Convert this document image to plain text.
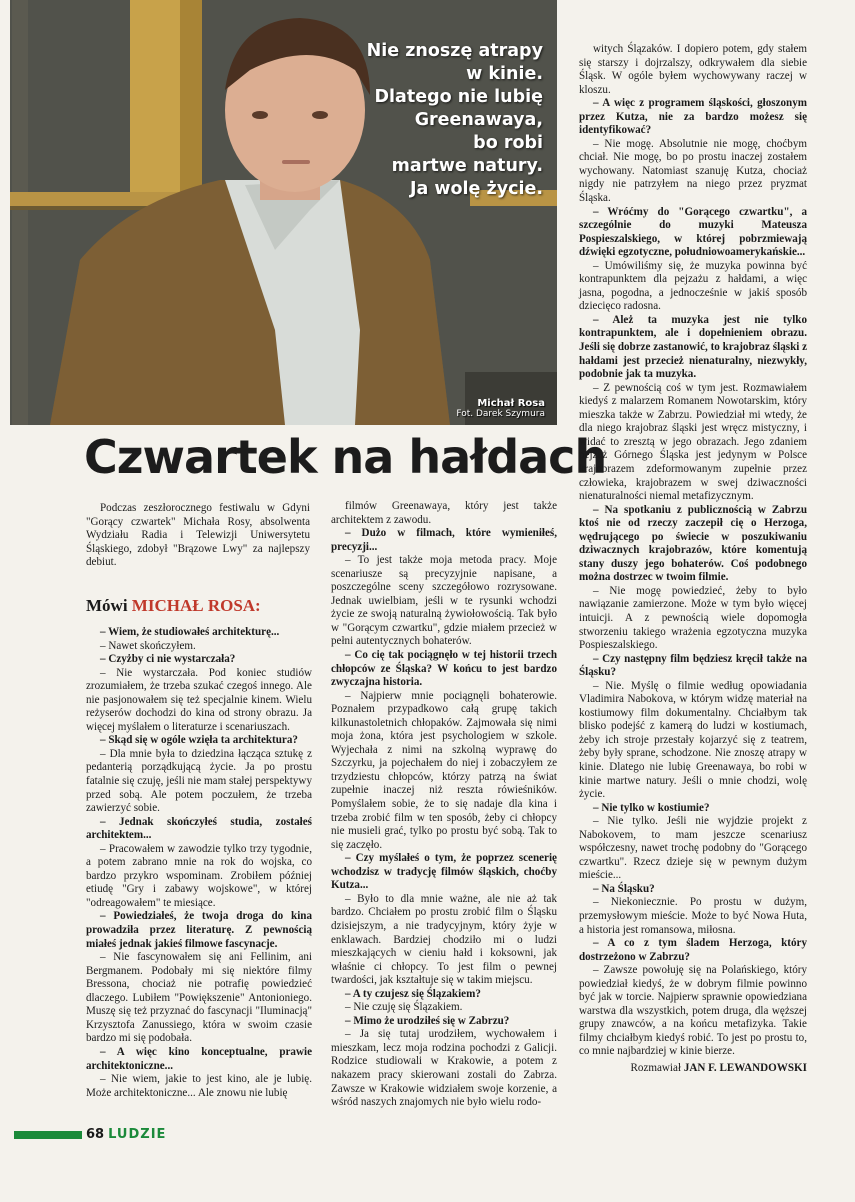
Nie znoszę atrapy
w kinie.
Dlatego nie lubię
Greenawaya,
bo robi
martwe natury.
Ja wolę życie.
Michał Rosa
Fot. Darek Szymura
Czwartek na hałdach

Podczas zeszłorocznego festiwalu w Gdyni "Gorący czwartek" Michała Rosy, absolwenta Wydziału Radia i Telewizji Uniwersytetu Śląskiego, zdobył "Brązowe Lwy" za najlepszy debiut.

Mówi MICHAŁ ROSA:

– Wiem, że studiowałeś architekturę...

– Nawet skończyłem.

– Czyżby ci nie wystarczała?

– Nie wystarczała. Pod koniec studiów zrozumiałem, że trzeba szukać czegoś innego. Ale nie pasjonowałem się też specjalnie kinem. Wielu reżyserów dochodzi do kina od strony obrazu. Ja więcej myślałem o literaturze i scenariuszach.

– Skąd się w ogóle wzięła ta architektura?

– Dla mnie była to dziedzina łącząca sztukę z pedanterią porządkującą życie. Ja po prostu fatalnie się czuję, jeśli nie mam stałej perspektywy przed sobą. Ale potem poczułem, że trzeba zawierzyć sobie.

– Jednak skończyłeś studia, zostałeś architektem...

– Pracowałem w zawodzie tylko trzy tygodnie, a potem zabrano mnie na rok do wojska, co bardzo przykro wspominam. Zrobiłem później etiudę "Gry i zabawy wojskowe", w której "odreagowałem" te miesiące.

– Powiedziałeś, że twoja droga do kina prowadziła przez literaturę. Z pewnością miałeś jednak jakieś filmowe fascynacje.

– Nie fascynowałem się ani Fellinim, ani Bergmanem. Podobały mi się niektóre filmy Bressona, chociaż nie potrafię powiedzieć dlaczego. Lubiłem "Powiększenie" Antonioniego. Muszę się też przyznać do fascynacji "Iluminacją" Krzysztofa Zanussiego, która w swoim czasie bardzo mi się podobała.

– A więc kino konceptualne, prawie architektoniczne...

– Nie wiem, jakie to jest kino, ale je lubię. Może architektoniczne... Ale znowu nie lubię

filmów Greenawaya, który jest także architektem z zawodu.

– Dużo w filmach, które wymieniłeś, precyzji...

– To jest także moja metoda pracy. Moje scenariusze są precyzyjnie napisane, a poszczególne sceny szczegółowo rozrysowane. Jednak uwielbiam, jeśli w te rysunki wchodzi życie ze swoją naturalną żywiołowością. Tak było w "Gorącym czwartku", gdzie miałem przecież w pełni autentycznych bohaterów.

– Co cię tak pociągnęło w tej historii trzech chłopców ze Śląska? W końcu to jest bardzo zwyczajna historia.

– Najpierw mnie pociągnęli bohaterowie. Poznałem przypadkowo całą grupę takich kilkunastoletnich chłopaków. Zajmowała się nimi moja żona, która jest psychologiem w szkole. Wyjechała z nimi na szkolną wyprawę do Szczyrku, ja pojechałem do niej i zobaczyłem ze trzydziestu chłopców, którzy patrzą na świat zupełnie inaczej niż reszta rówieśników. Pomyślałem sobie, że to się nadaje dla kina i trzeba zrobić film w ten sposób, żeby ci chłopcy nie musieli grać, tylko po prostu być sobą. Tak to się zaczęło.

– Czy myślałeś o tym, że poprzez scenerię wchodzisz w tradycję filmów śląskich, choćby Kutza...

– Było to dla mnie ważne, ale nie aż tak bardzo. Chciałem po prostu zrobić film o Śląsku dzisiejszym, a nie tradycyjnym, który żyje w enklawach. Bardziej chodziło mi o ludzi mieszkających w cieniu hałd i koksowni, jak właśnie ci chłopcy. To jest film o pewnej twardości, jak kształtuje się w takim miejscu.

– A ty czujesz się Ślązakiem?

– Nie czuję się Ślązakiem.

– Mimo że urodziłeś się w Zabrzu?

– Ja się tutaj urodziłem, wychowałem i mieszkam, lecz moja rodzina pochodzi z Galicji. Rodzice studiowali w Krakowie, a potem z nakazem pracy skierowani zostali do Zabrza. Zawsze w Krakowie widziałem swoje korzenie, a wśród naszych znajomych nie było wielu rodo-

witych Ślązaków. I dopiero potem, gdy stałem się starszy i dojrzalszy, odkrywałem dla siebie Śląsk. W ogóle byłem wychowywany raczej w kloszu.

– A więc z programem śląskości, głoszonym przez Kutza, nie za bardzo możesz się identyfikować?

– Nie mogę. Absolutnie nie mogę, choćbym chciał. Nie mogę, bo po prostu inaczej zostałem wychowany. Natomiast szanuję Kutza, chociaż nigdy nie patrzyłem na niego przez pryzmat Śląska.

– Wróćmy do "Gorącego czwartku", a szczególnie do muzyki Mateusza Pospieszalskiego, w której pobrzmiewają dźwięki egzotyczne, południowoamerykańskie...

– Umówiliśmy się, że muzyka powinna być kontrapunktem dla pejzażu z hałdami, a więc jasna, pogodna, a jednocześnie w jakiś sposób dziecięco radosna.

– Ależ ta muzyka jest nie tylko kontrapunktem, ale i dopełnieniem obrazu. Jeśli się dobrze zastanowić, to krajobraz śląski z hałdami jest przecież nienaturalny, niezwykły, podobnie jak ta muzyka.

– Z pewnością coś w tym jest. Rozmawiałem kiedyś z malarzem Romanem Nowotarskim, który mieszka także w Zabrzu. Powiedział mi wtedy, że dla niego krajobraz śląski jest wręcz mistyczny, i widać to zresztą w jego obrazach. Jego zdaniem pejzaż Górnego Śląska jest jedynym w Polsce krajobrazem zdeformowanym zupełnie przez człowieka, krajobrazem w swej dziwaczności nienaturalności niemal metafizycznym.

– Na spotkaniu z publicznością w Zabrzu ktoś nie od rzeczy zaczepił cię o Herzoga, wędrującego po świecie w poszukiwaniu dziwacznych krajobrazów, które komentują stany duszy jego bohaterów. Coś podobnego można dostrzec w twoim filmie.

– Nie mogę powiedzieć, żeby to było nawiązanie zamierzone. Może w tym było więcej intuicji. A z pewnością wiele dopomogła stworzeniu takiego wrażenia egzotyczna muzyka Pospieszalskiego.

– Czy następny film będziesz kręcił także na Śląsku?

– Nie. Myślę o filmie według opowiadania Vladimira Nabokova, w którym widzę materiał na kostiumowy film dokumentalny. Chciałbym tak blisko podejść z kamerą do ludzi w kostiumach, żeby ich stroje przestały kojarzyć się z teatrem, żeby były sprane, schodzone. Nie znoszę atrapy w kinie. Dlatego nie lubię Greenawaya, bo robi w kinie martwe natury. Jeśli o mnie chodzi, wolę życie.

– Nie tylko w kostiumie?

– Nie tylko. Jeśli nie wyjdzie projekt z Nabokovem, to mam jeszcze scenariusz współczesny, nawet trochę podobny do "Gorącego czwartku". Rzecz dzieje się w pewnym dużym mieście...

– Na Śląsku?

– Niekoniecznie. Po prostu w dużym, przemysłowym mieście. Może to być Nowa Huta, a historia jest romansowa, miłosna.

– A co z tym śladem Herzoga, który dostrzeżono w Zabrzu?

– Zawsze powołuję się na Polańskiego, który powiedział kiedyś, że w dobrym filmie powinno być jak w torcie. Najpierw sprawnie opowiedziana warstwa dla wszystkich, potem druga, dla węższej grupy znawców, a na końcu metafizyka. Takie filmy chciałbym kiedyś robić. To jest po prostu to, co mnie najbardziej w kinie bierze.

Rozmawiał JAN F. LEWANDOWSKI

68 LUDZIE
